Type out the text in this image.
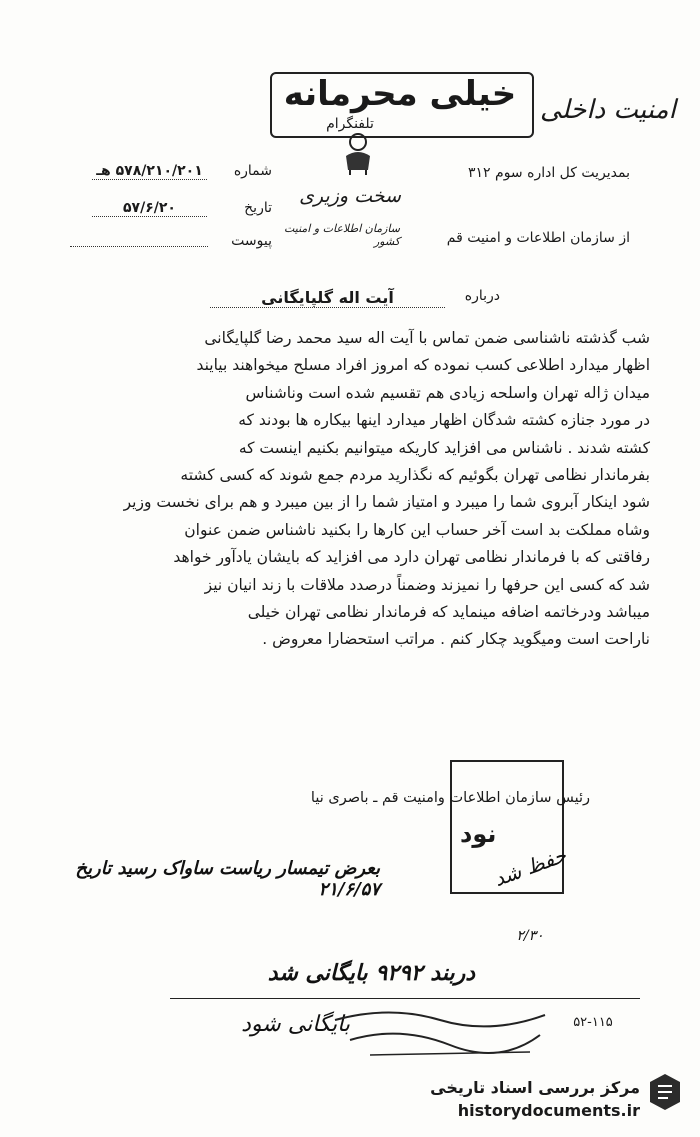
خیلی محرمانه
تلفنگرام	امنیت داخلی
بمدیریت کل اداره سوم ۳۱۲
شماره
۵۷۸/۲۱۰/۲۰۱ هـ
تاریخ
۵۷/۶/۲۰
پیوست
سخت وزیری
از سازمان اطلاعات و امنیت قم
سازمان اطلاعات و امنیت کشور
درباره
آیت اله گلپایگانی

شب گذشته ناشناسی ضمن تماس با آیت اله سید محمد رضا گلپایگانی

اظهار میدارد اطلاعی کسب نموده که امروز افراد مسلح میخواهند بیایند

میدان ژاله تهران واسلحه زیادی هم تقسیم شده است وناشناس

در مورد جنازه کشته شدگان اظهار میدارد اینها بیکاره ها بودند که

کشته شدند . ناشناس می افزاید کاریکه میتوانیم بکنیم اینست که

بفرماندار نظامی تهران بگوئیم که نگذارید مردم جمع شوند که کسی کشته

شود اینکار آبروی شما را میبرد و امتیاز شما را از بین میبرد و هم برای نخست وزیر

وشاه مملکت بد است آخر حساب این کارها را بکنید ناشناس ضمن عنوان

رفاقتی که با فرماندار نظامی تهران دارد می افزاید که بایشان یادآور خواهد

شد که کسی این حرفها را نمیزند وضمناً درصدد ملاقات با زند انیان نیز

میباشد ودرخاتمه اضافه مینماید که فرماندار نظامی تهران خیلی

ناراحت است ومیگوید چکار کنم . مراتب استحضارا معروض .

نود
رئیس سازمان اطلاعات وامنیت قم ـ باصری نیا
بعرض تیمسار ریاست ساواک رسید تاریخ ۲۱/۶/۵۷	حفظ شد
۲/۳۰
دربند ۹۲۹۲ بایگانی شد
بایگانی شود	۵۲-۱۱۵
مرکز بررسی اسناد تاریخی
historydocuments.ir
